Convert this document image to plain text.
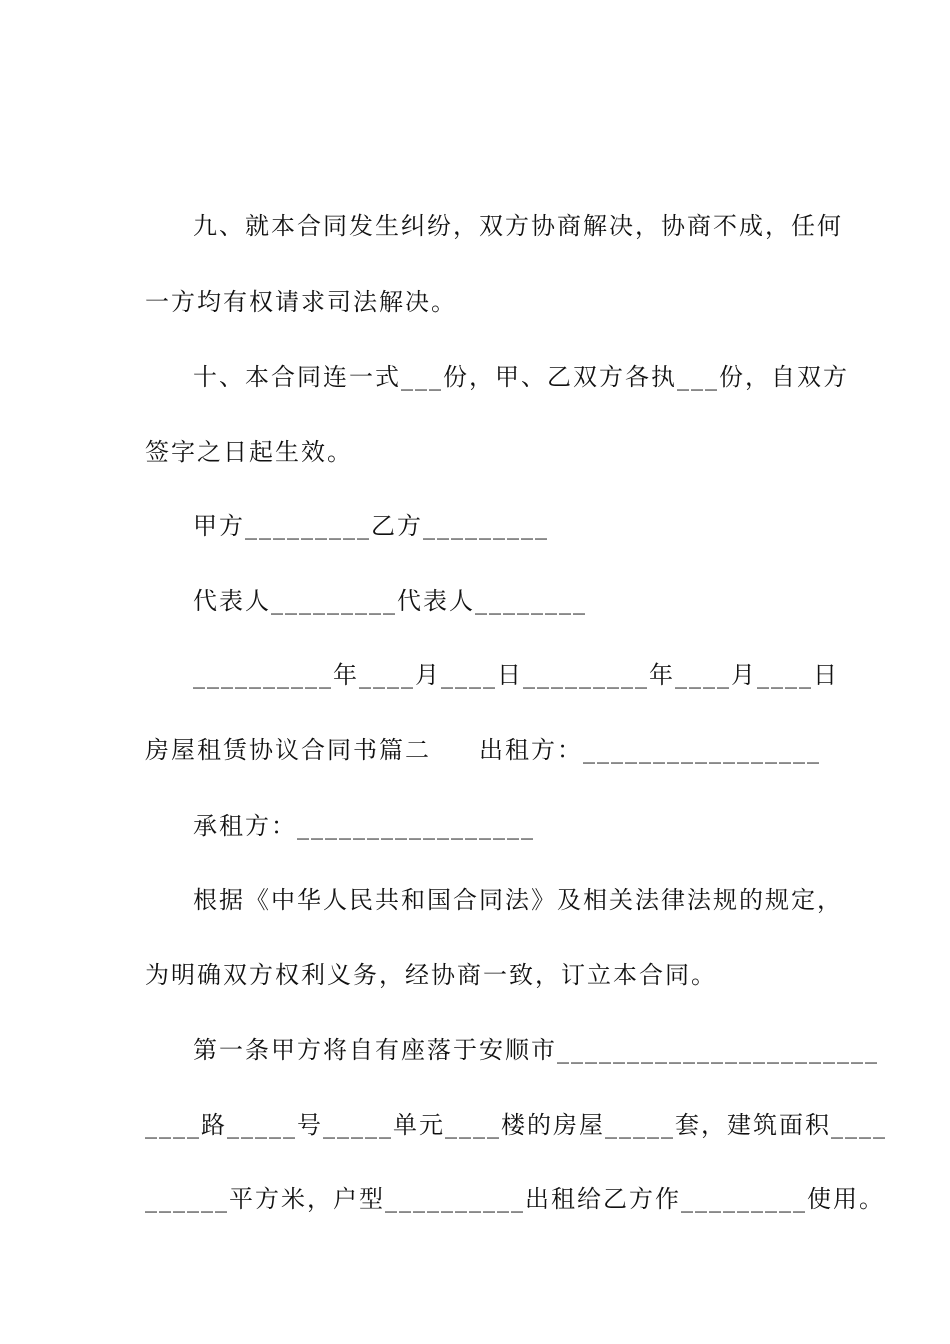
九、就本合同发生纠纷，双方协商解决，协商不成，任何
一方均有权请求司法解决。
十、本合同连一式___份，甲、乙双方各执___份，自双方
签字之日起生效。
甲方_________乙方_________
代表人_________代表人________
__________年____月____日_________年____月____日
房屋租赁协议合同书篇二 出租方：_________________
承租方：_________________
根据《中华人民共和国合同法》及相关法律法规的规定，
为明确双方权利义务，经协商一致，订立本合同。
第一条甲方将自有座落于安顺市_______________________
____路_____号_____单元____楼的房屋_____套，建筑面积____
______平方米，户型__________出租给乙方作_________使用。
